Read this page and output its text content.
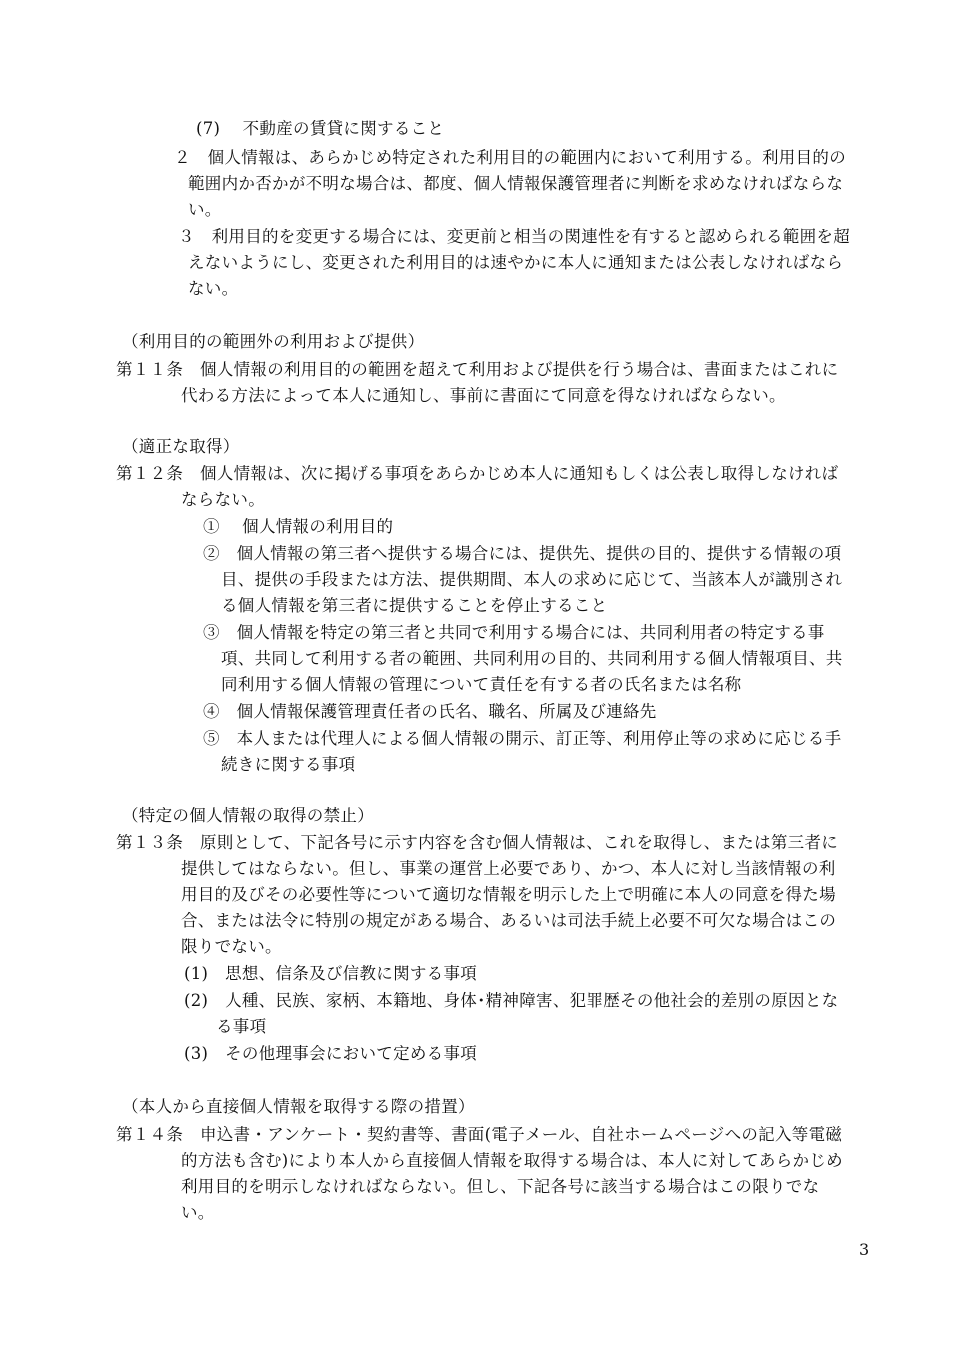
(7)　 不動産の賃貸に関すること
２　個人情報は、あらかじめ特定された利用目的の範囲内において利用する。利用目的の
範囲内か否かが不明な場合は、都度、個人情報保護管理者に判断を求めなければならな
い。
３　利用目的を変更する場合には、変更前と相当の関連性を有すると認められる範囲を超
えないようにし、変更された利用目的は速やかに本人に通知または公表しなければなら
ない。
（利用目的の範囲外の利用および提供）
第１１条　個人情報の利用目的の範囲を超えて利用および提供を行う場合は、書面またはこれに
代わる方法によって本人に通知し、事前に書面にて同意を得なければならない。
（適正な取得）
第１２条　個人情報は、次に掲げる事項をあらかじめ本人に通知もしくは公表し取得しなければ
ならない。
①　 個人情報の利用目的
②　個人情報の第三者へ提供する場合には、提供先、提供の目的、提供する情報の項
目、提供の手段または方法、提供期間、本人の求めに応じて、当該本人が識別され
る個人情報を第三者に提供することを停止すること
③　個人情報を特定の第三者と共同で利用する場合には、共同利用者の特定する事
項、共同して利用する者の範囲、共同利用の目的、共同利用する個人情報項目、共
同利用する個人情報の管理について責任を有する者の氏名または名称
④　個人情報保護管理責任者の氏名、職名、所属及び連絡先
⑤　本人または代理人による個人情報の開示、訂正等、利用停止等の求めに応じる手
続きに関する事項
（特定の個人情報の取得の禁止）
第１３条　原則として、下記各号に示す内容を含む個人情報は、これを取得し、または第三者に
提供してはならない。但し、事業の運営上必要であり、かつ、本人に対し当該情報の利
用目的及びその必要性等について適切な情報を明示した上で明確に本人の同意を得た場
合、または法令に特別の規定がある場合、あるいは司法手続上必要不可欠な場合はこの
限りでない。
(1)　思想、信条及び信教に関する事項
(2)　人種、民族、家柄、本籍地、身体･精神障害、犯罪歴その他社会的差別の原因とな
る事項
(3)　その他理事会において定める事項
（本人から直接個人情報を取得する際の措置）
第１４条　申込書・アンケート・契約書等、書面(電子メール、自社ホームページへの記入等電磁
的方法も含む)により本人から直接個人情報を取得する場合は、本人に対してあらかじめ
利用目的を明示しなければならない。但し、下記各号に該当する場合はこの限りでな
い。
3
